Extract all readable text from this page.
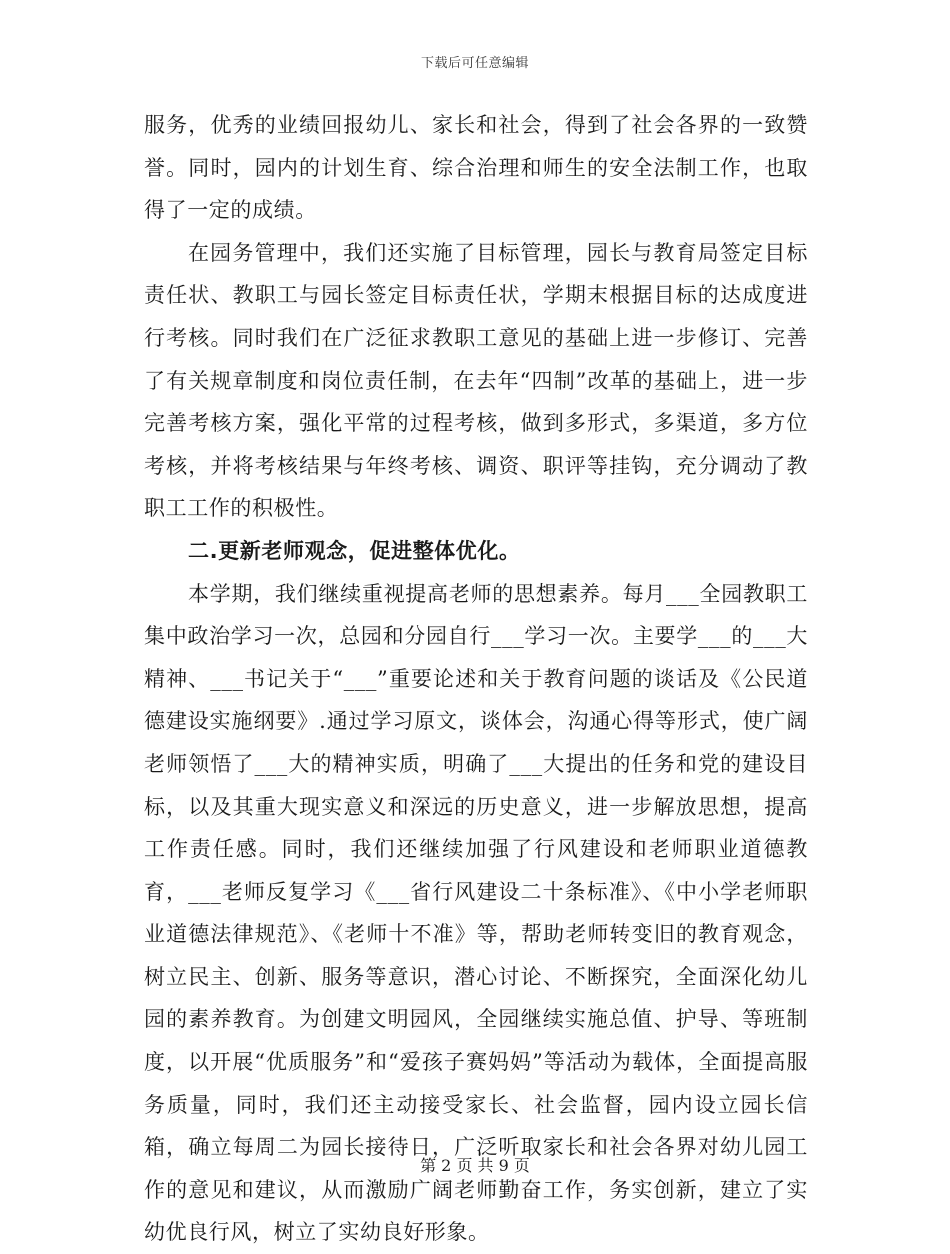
下载后可任意编辑

服务，优秀的业绩回报幼儿、家长和社会，得到了社会各界的一致赞誉。同时，园内的计划生育、综合治理和师生的安全法制工作，也取得了一定的成绩。

在园务管理中，我们还实施了目标管理，园长与教育局签定目标责任状、教职工与园长签定目标责任状，学期末根据目标的达成度进行考核。同时我们在广泛征求教职工意见的基础上进一步修订、完善了有关规章制度和岗位责任制，在去年“四制”改革的基础上，进一步完善考核方案，强化平常的过程考核，做到多形式，多渠道，多方位考核，并将考核结果与年终考核、调资、职评等挂钩，充分调动了教职工工作的积极性。

二.更新老师观念，促进整体优化。

本学期，我们继续重视提高老师的思想素养。每月___全园教职工集中政治学习一次，总园和分园自行___学习一次。主要学___的___大精神、___书记关于“___”重要论述和关于教育问题的谈话及《公民道德建设实施纲要》.通过学习原文，谈体会，沟通心得等形式，使广阔老师领悟了___大的精神实质，明确了___大提出的任务和党的建设目标，以及其重大现实意义和深远的历史意义，进一步解放思想，提高工作责任感。同时，我们还继续加强了行风建设和老师职业道德教育，___老师反复学习《___省行风建设二十条标准》、《中小学老师职业道德法律规范》、《老师十不准》等，帮助老师转变旧的教育观念，树立民主、创新、服务等意识，潜心讨论、不断探究，全面深化幼儿园的素养教育。为创建文明园风，全园继续实施总值、护导、等班制度，以开展“优质服务”和“爱孩子赛妈妈”等活动为载体，全面提高服务质量，同时，我们还主动接受家长、社会监督，园内设立园长信箱，确立每周二为园长接待日，广泛听取家长和社会各界对幼儿园工作的意见和建议，从而激励广阔老师勤奋工作，务实创新，建立了实幼优良行风，树立了实幼良好形象。

第 2 页 共 9 页
